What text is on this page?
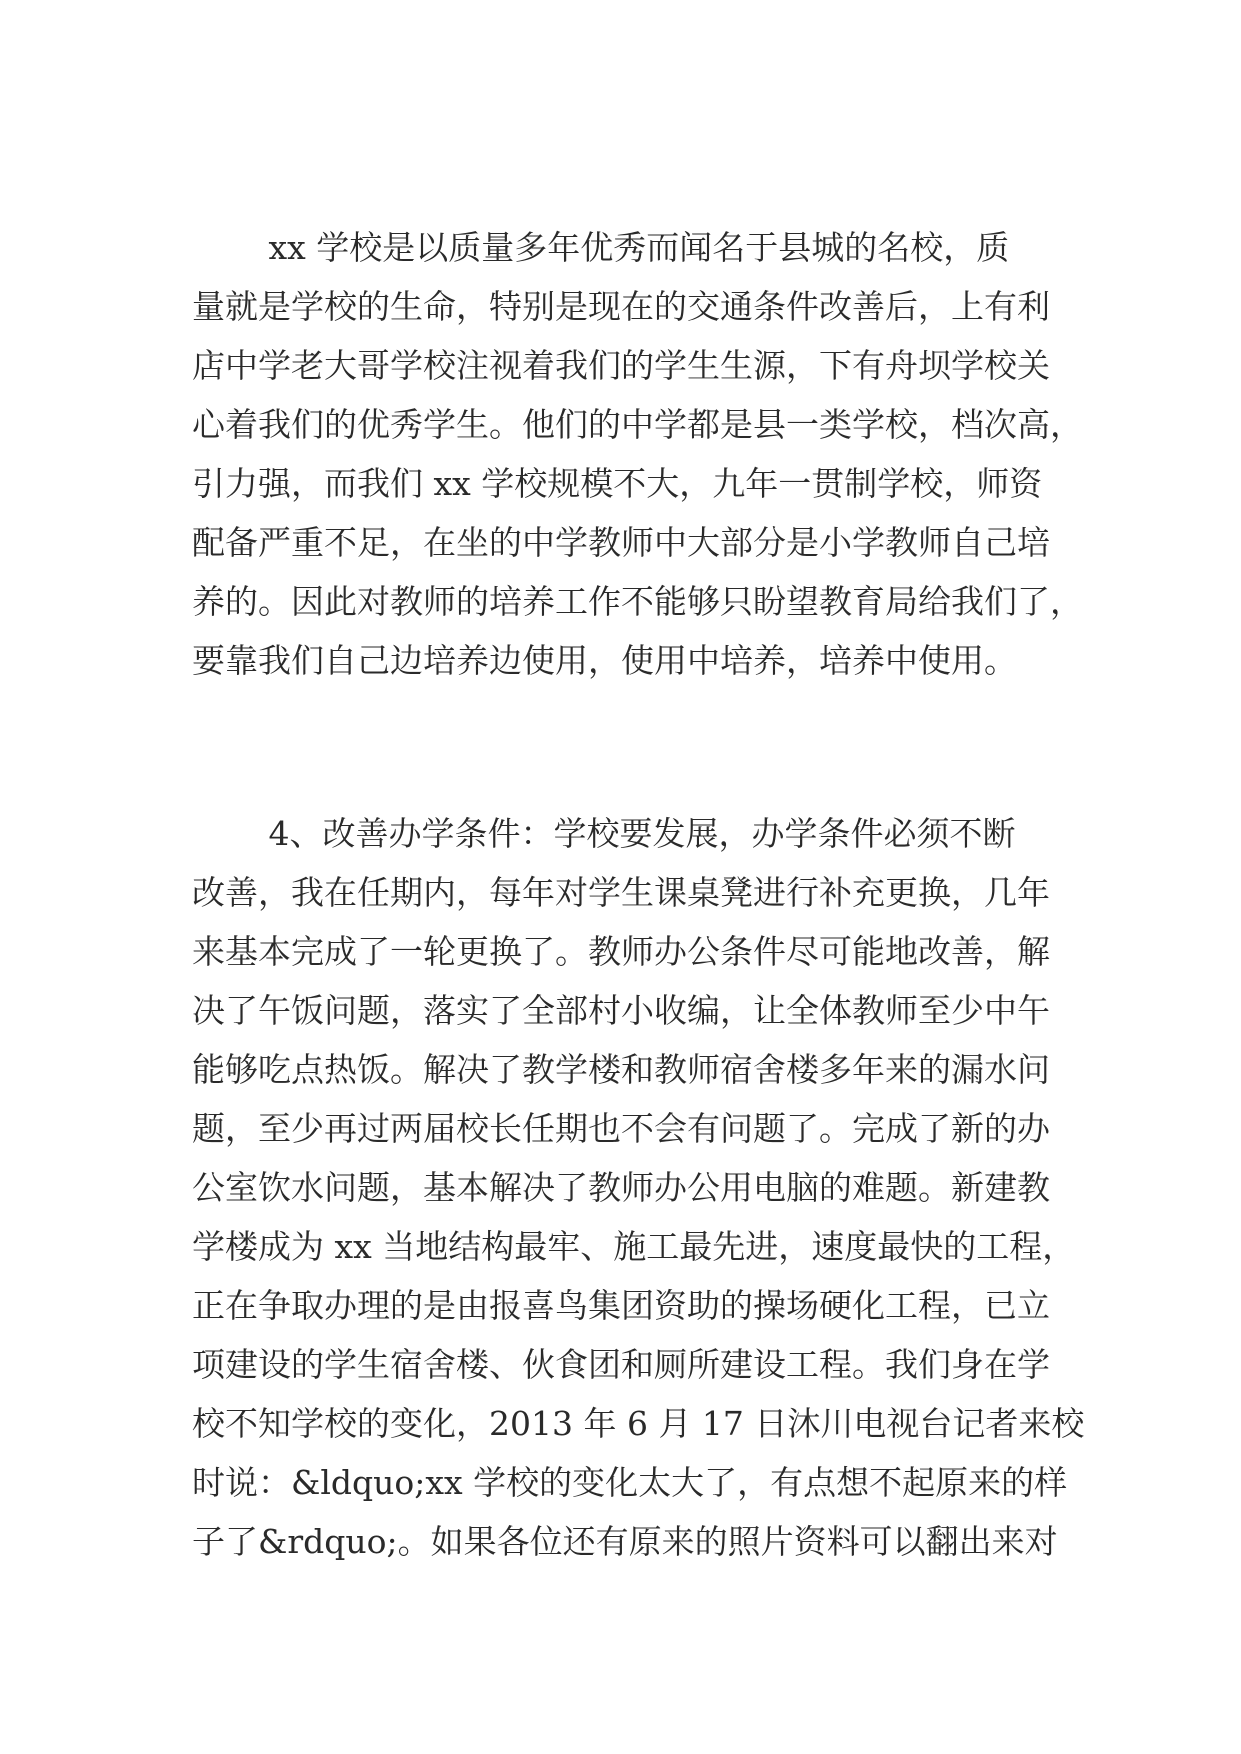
　　 xx 学校是以质量多年优秀而闻名于县城的名校，质
量就是学校的生命，特别是现在的交通条件改善后，上有利
店中学老大哥学校注视着我们的学生生源，下有舟坝学校关
心着我们的优秀学生。他们的中学都是县一类学校，档次高，
引力强，而我们 xx 学校规模不大，九年一贯制学校，师资
配备严重不足，在坐的中学教师中大部分是小学教师自己培
养的。因此对教师的培养工作不能够只盼望教育局给我们了，
要靠我们自己边培养边使用，使用中培养，培养中使用。
　　 4、改善办学条件：学校要发展，办学条件必须不断
改善，我在任期内，每年对学生课桌凳进行补充更换，几年
来基本完成了一轮更换了。教师办公条件尽可能地改善，解
决了午饭问题，落实了全部村小收编，让全体教师至少中午
能够吃点热饭。解决了教学楼和教师宿舍楼多年来的漏水问
题，至少再过两届校长任期也不会有问题了。完成了新的办
公室饮水问题，基本解决了教师办公用电脑的难题。新建教
学楼成为 xx 当地结构最牢、施工最先进，速度最快的工程，
正在争取办理的是由报喜鸟集团资助的操场硬化工程，已立
项建设的学生宿舍楼、伙食团和厕所建设工程。我们身在学
校不知学校的变化，2013 年 6 月 17 日沐川电视台记者来校
时说：&ldquo;xx 学校的变化太大了，有点想不起原来的样
子了&rdquo;。如果各位还有原来的照片资料可以翻出来对
